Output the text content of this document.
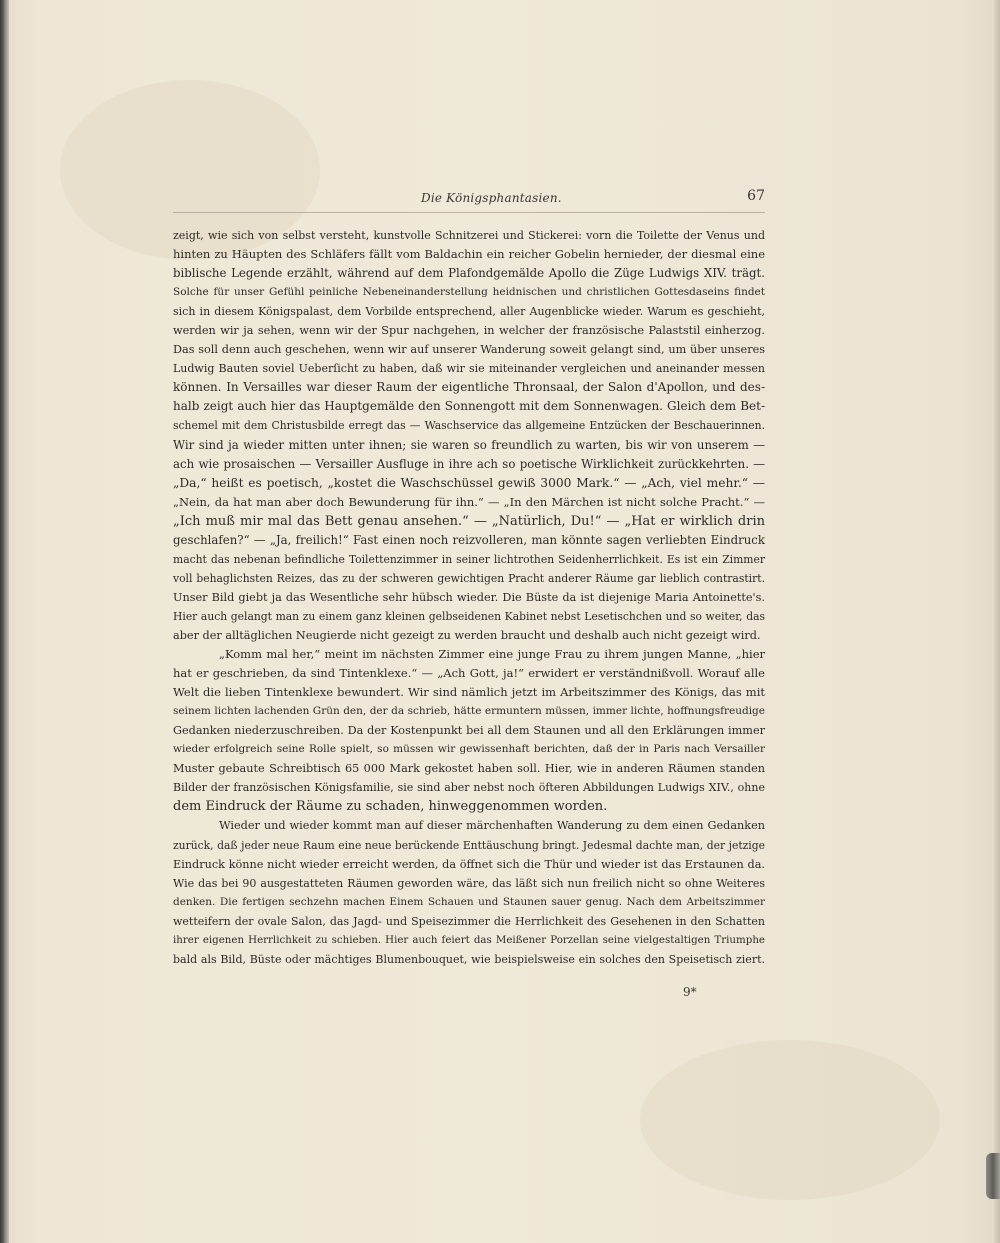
Die Königsphantasien.	67

zeigt, wie sich von selbst versteht, kunstvolle Schnitzerei und Stickerei: vorn die Toilette der Venus und

hinten zu Häupten des Schläfers fällt vom Baldachin ein reicher Gobelin hernieder, der diesmal eine

biblische Legende erzählt, während auf dem Plafondgemälde Apollo die Züge Ludwigs XIV. trägt.

Solche für unser Gefühl peinliche Nebeneinanderstellung heidnischen und christlichen Gottesdaseins findet

sich in diesem Königspalast, dem Vorbilde entsprechend, aller Augenblicke wieder. Warum es geschieht,

werden wir ja sehen, wenn wir der Spur nachgehen, in welcher der französische Palaststil einherzog.

Das soll denn auch geschehen, wenn wir auf unserer Wanderung soweit gelangt sind, um über unseres

Ludwig Bauten soviel Ueberſicht zu haben, daß wir sie miteinander vergleichen und aneinander messen

können. In Versailles war dieser Raum der eigentliche Thronsaal, der Salon d'Apollon, und des-

halb zeigt auch hier das Hauptgemälde den Sonnengott mit dem Sonnenwagen. Gleich dem Bet-

schemel mit dem Christusbilde erregt das — Waschservice das allgemeine Entzücken der Beschauerinnen.

Wir sind ja wieder mitten unter ihnen; sie waren so freundlich zu warten, bis wir von unserem —

ach wie prosaischen — Versailler Ausfluge in ihre ach so poetische Wirklichkeit zurückkehrten. —

„Da,“ heißt es poetisch, „kostet die Waschschüssel gewiß 3000 Mark.“ — „Ach, viel mehr.“ —

„Nein, da hat man aber doch Bewunderung für ihn.“ — „In den Märchen ist nicht solche Pracht.“ —

„Ich muß mir mal das Bett genau ansehen.“ — „Natürlich, Du!“ — „Hat er wirklich drin

geschlafen?“ — „Ja, freilich!“ Fast einen noch reizvolleren, man könnte sagen verliebten Eindruck

macht das nebenan befindliche Toilettenzimmer in seiner lichtrothen Seidenherrlichkeit. Es ist ein Zimmer

voll behaglichsten Reizes, das zu der schweren gewichtigen Pracht anderer Räume gar lieblich contrastirt.

Unser Bild giebt ja das Wesentliche sehr hübsch wieder. Die Büste da ist diejenige Maria Antoinette's.

Hier auch gelangt man zu einem ganz kleinen gelbseidenen Kabinet nebst Lesetischchen und so weiter, das

aber der alltäglichen Neugierde nicht gezeigt zu werden braucht und deshalb auch nicht gezeigt wird.

„Komm mal her,“ meint im nächsten Zimmer eine junge Frau zu ihrem jungen Manne, „hier

hat er geschrieben, da sind Tintenklexe.“ — „Ach Gott, ja!“ erwidert er verständnißvoll. Worauf alle

Welt die lieben Tintenklexe bewundert. Wir sind nämlich jetzt im Arbeitszimmer des Königs, das mit

seinem lichten lachenden Grün den, der da schrieb, hätte ermuntern müssen, immer lichte, hoffnungsfreudige

Gedanken niederzuschreiben. Da der Kostenpunkt bei all dem Staunen und all den Erklärungen immer

wieder erfolgreich seine Rolle spielt, so müssen wir gewissenhaft berichten, daß der in Paris nach Versailler

Muster gebaute Schreibtisch 65 000 Mark gekostet haben soll. Hier, wie in anderen Räumen standen

Bilder der französischen Königsfamilie, sie sind aber nebst noch öfteren Abbildungen Ludwigs XIV., ohne

dem Eindruck der Räume zu schaden, hinweggenommen worden.

Wieder und wieder kommt man auf dieser märchenhaften Wanderung zu dem einen Gedanken

zurück, daß jeder neue Raum eine neue berückende Enttäuschung bringt. Jedesmal dachte man, der jetzige

Eindruck könne nicht wieder erreicht werden, da öffnet sich die Thür und wieder ist das Erstaunen da.

Wie das bei 90 ausgestatteten Räumen geworden wäre, das läßt sich nun freilich nicht so ohne Weiteres

denken. Die fertigen sechzehn machen Einem Schauen und Staunen sauer genug. Nach dem Arbeitszimmer

wetteifern der ovale Salon, das Jagd- und Speisezimmer die Herrlichkeit des Gesehenen in den Schatten

ihrer eigenen Herrlichkeit zu schieben. Hier auch feiert das Meißener Porzellan seine vielgestaltigen Triumphe

bald als Bild, Büste oder mächtiges Blumenbouquet, wie beispielsweise ein solches den Speisetisch ziert.

9*
